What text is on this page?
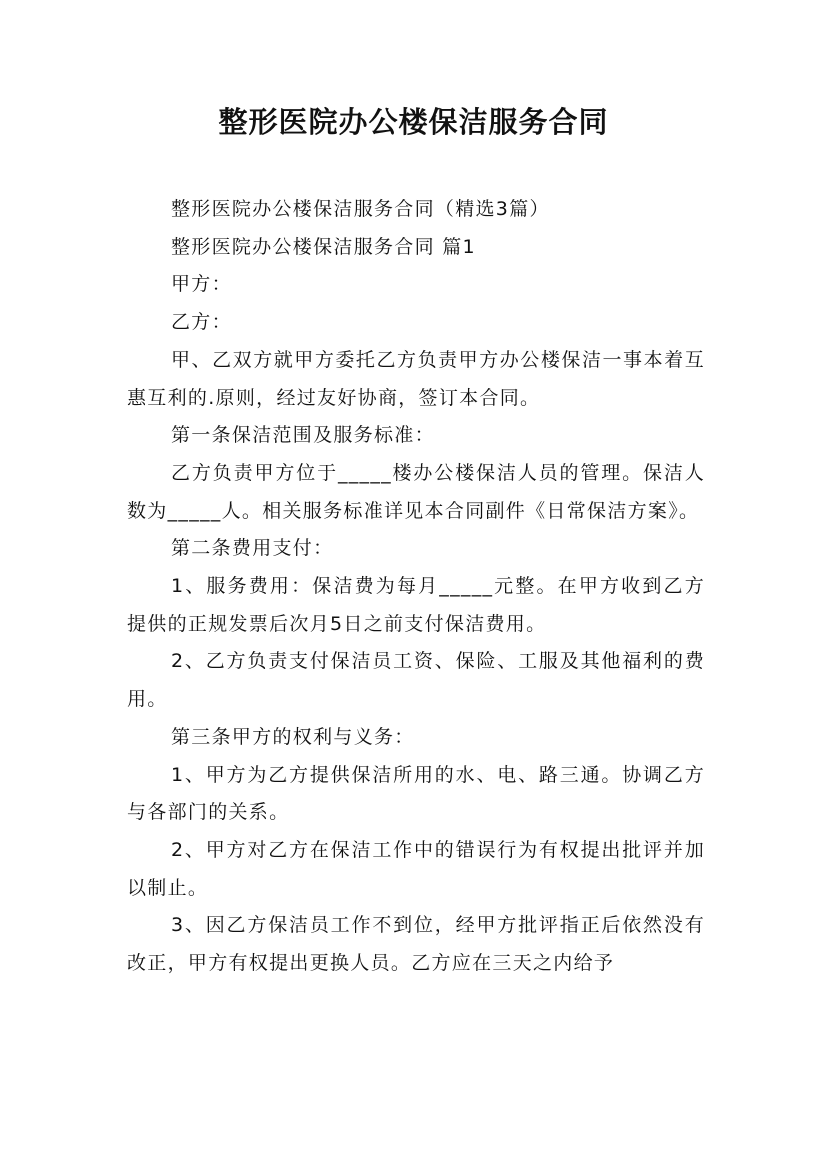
整形医院办公楼保洁服务合同

整形医院办公楼保洁服务合同（精选3篇）

整形医院办公楼保洁服务合同 篇1

甲方：

乙方：

甲、乙双方就甲方委托乙方负责甲方办公楼保洁一事本着互惠互利的.原则，经过友好协商，签订本合同。

第一条保洁范围及服务标准：

乙方负责甲方位于_____楼办公楼保洁人员的管理。保洁人数为_____人。相关服务标准详见本合同副件《日常保洁方案》。

第二条费用支付：

1、服务费用：保洁费为每月_____元整。在甲方收到乙方提供的正规发票后次月5日之前支付保洁费用。

2、乙方负责支付保洁员工资、保险、工服及其他福利的费用。

第三条甲方的权利与义务：

1、甲方为乙方提供保洁所用的水、电、路三通。协调乙方与各部门的关系。

2、甲方对乙方在保洁工作中的错误行为有权提出批评并加以制止。

3、因乙方保洁员工作不到位，经甲方批评指正后依然没有改正，甲方有权提出更换人员。乙方应在三天之内给予
